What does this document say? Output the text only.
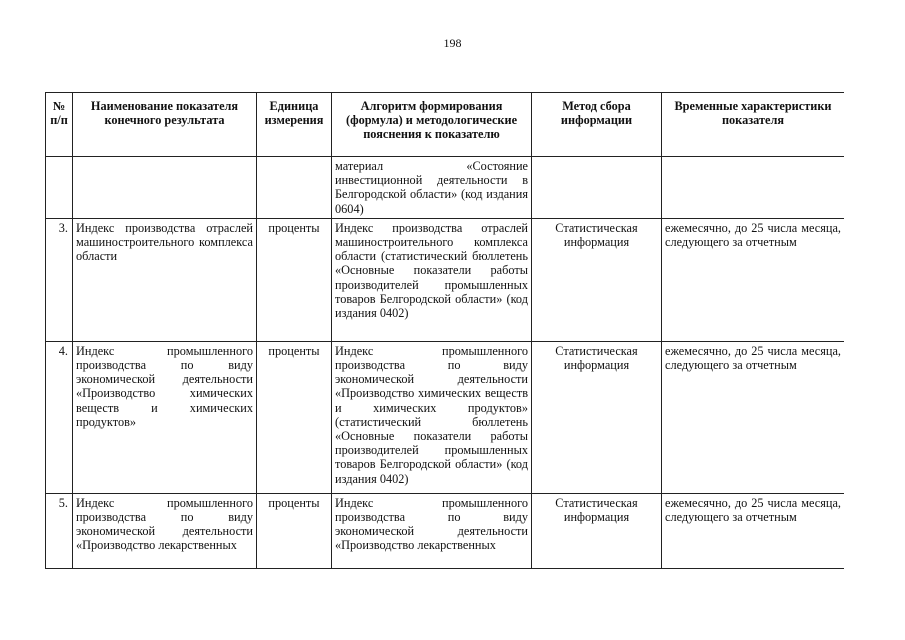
198
№ п/п	Наименование показателя конечного результата	Единица измерения	Алгоритм формирования (формула) и методологические пояснения к показателю	Метод сбора информации	Временные характеристики показателя
			материал «Состояние инвестиционной деятельности в Белгородской области» (код издания 0604)		
3.	Индекс производства отраслей машиностроительного комплекса области	проценты	Индекс производства отраслей машиностроительного комплекса области (статистический бюллетень «Основные показатели работы производителей промышленных товаров Белгородской области» (код издания 0402)	Статистическая информация	ежемесячно, до 25 числа месяца, следующего за отчетным
4.	Индекс промышленного производства по виду экономической деятельности «Производство химических веществ и химических продуктов»	проценты	Индекс промышленного производства по виду экономической деятельности «Производство химических веществ и химических продуктов» (статистический бюллетень «Основные показатели работы производителей промышленных товаров Белгородской области» (код издания 0402)	Статистическая информация	ежемесячно, до 25 числа месяца, следующего за отчетным
5.	Индекс промышленного производства по виду экономической деятельности «Производство лекарственных	проценты	Индекс промышленного производства по виду экономической деятельности «Производство лекарственных	Статистическая информация	ежемесячно, до 25 числа месяца, следующего за отчетным
